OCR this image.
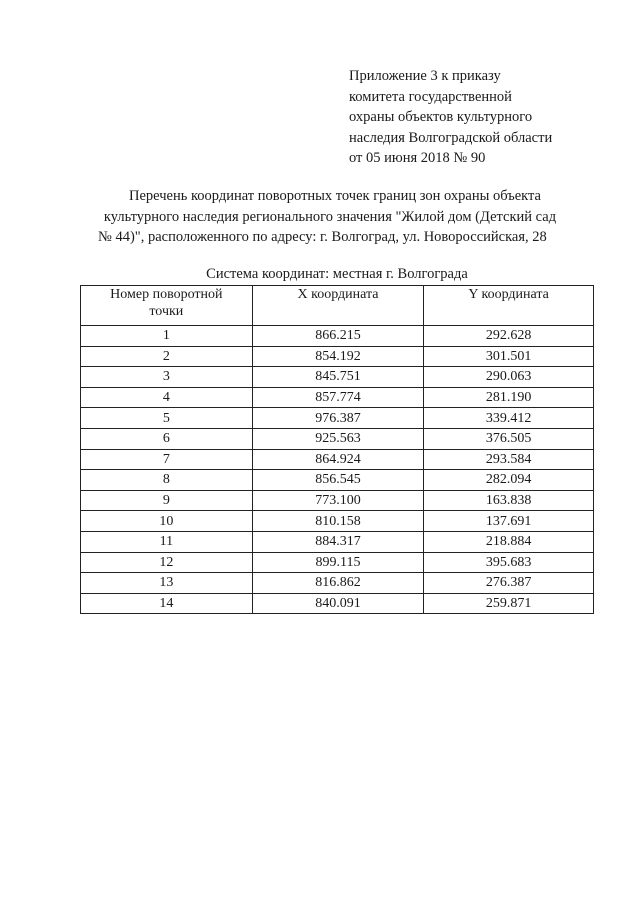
Приложение 3 к приказу
комитета государственной
охраны объектов культурного
наследия Волгоградской области
от 05 июня 2018 № 90
Перечень координат поворотных точек границ зон охраны объекта
культурного наследия регионального значения "Жилой дом (Детский сад
№ 44)", расположенного по адресу: г. Волгоград, ул. Новороссийская, 28
Система координат: местная г. Волгограда
Номер поворотной
точки	X координата	Y координата
1	866.215	292.628
2	854.192	301.501
3	845.751	290.063
4	857.774	281.190
5	976.387	339.412
6	925.563	376.505
7	864.924	293.584
8	856.545	282.094
9	773.100	163.838
10	810.158	137.691
11	884.317	218.884
12	899.115	395.683
13	816.862	276.387
14	840.091	259.871
